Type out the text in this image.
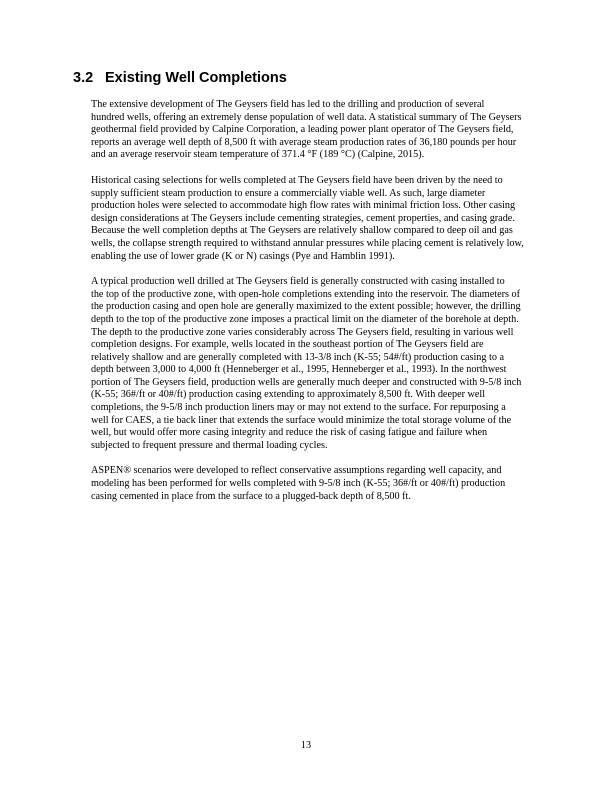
3.2 Existing Well Completions

The extensive development of The Geysers field has led to the drilling and production of several
hundred wells, offering an extremely dense population of well data. A statistical summary of The Geysers
geothermal field provided by Calpine Corporation, a leading power plant operator of The Geysers field,
reports an average well depth of 8,500 ft with average steam production rates of 36,180 pounds per hour
and an average reservoir steam temperature of 371.4 °F (189 °C) (Calpine, 2015).

Historical casing selections for wells completed at The Geysers field have been driven by the need to
supply sufficient steam production to ensure a commercially viable well. As such, large diameter
production holes were selected to accommodate high flow rates with minimal friction loss. Other casing
design considerations at The Geysers include cementing strategies, cement properties, and casing grade.
Because the well completion depths at The Geysers are relatively shallow compared to deep oil and gas
wells, the collapse strength required to withstand annular pressures while placing cement is relatively low,
enabling the use of lower grade (K or N) casings (Pye and Hamblin 1991).

A typical production well drilled at The Geysers field is generally constructed with casing installed to
the top of the productive zone, with open-hole completions extending into the reservoir. The diameters of
the production casing and open hole are generally maximized to the extent possible; however, the drilling
depth to the top of the productive zone imposes a practical limit on the diameter of the borehole at depth.
The depth to the productive zone varies considerably across The Geysers field, resulting in various well
completion designs. For example, wells located in the southeast portion of The Geysers field are
relatively shallow and are generally completed with 13-3/8 inch (K-55; 54#/ft) production casing to a
depth between 3,000 to 4,000 ft (Henneberger et al., 1995, Henneberger et al., 1993). In the northwest
portion of The Geysers field, production wells are generally much deeper and constructed with 9-5/8 inch
(K-55; 36#/ft or 40#/ft) production casing extending to approximately 8,500 ft. With deeper well
completions, the 9-5/8 inch production liners may or may not extend to the surface. For repurposing a
well for CAES, a tie back liner that extends the surface would minimize the total storage volume of the
well, but would offer more casing integrity and reduce the risk of casing fatigue and failure when
subjected to frequent pressure and thermal loading cycles.

ASPEN® scenarios were developed to reflect conservative assumptions regarding well capacity, and
modeling has been performed for wells completed with 9-5/8 inch (K-55; 36#/ft or 40#/ft) production
casing cemented in place from the surface to a plugged-back depth of 8,500 ft.

13
